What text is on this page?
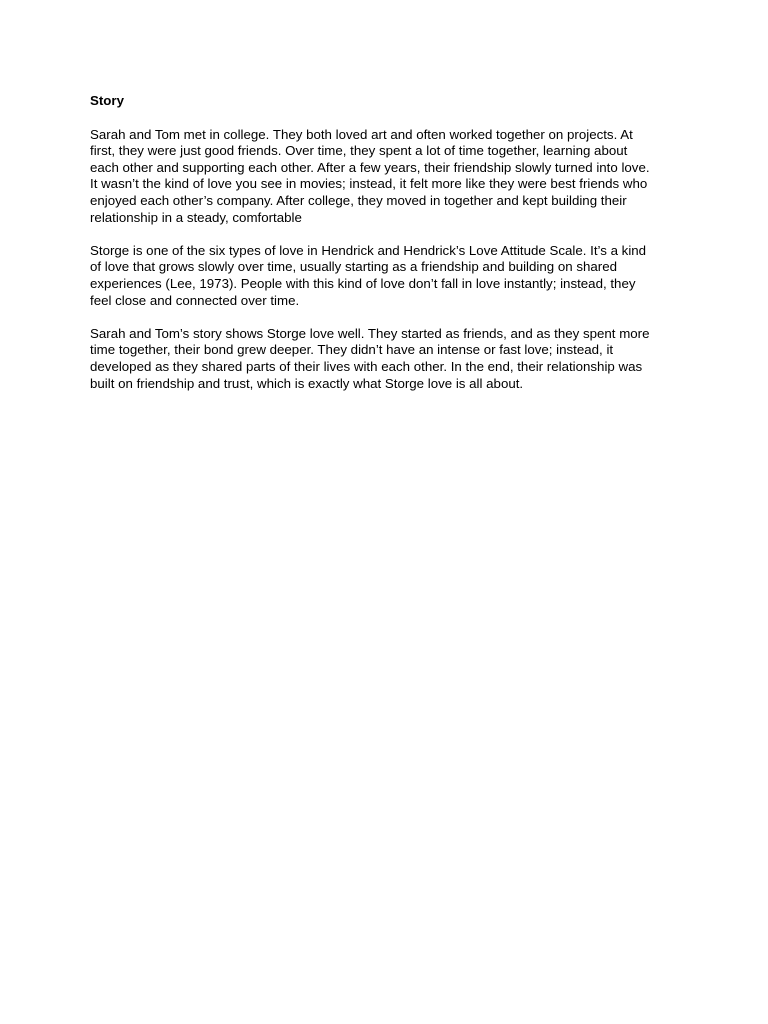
Story
Sarah and Tom met in college. They both loved art and often worked together on projects. At
first, they were just good friends. Over time, they spent a lot of time together, learning about
each other and supporting each other. After a few years, their friendship slowly turned into love.
It wasn’t the kind of love you see in movies; instead, it felt more like they were best friends who
enjoyed each other’s company. After college, they moved in together and kept building their
relationship in a steady, comfortable
Storge is one of the six types of love in Hendrick and Hendrick’s Love Attitude Scale. It’s a kind
of love that grows slowly over time, usually starting as a friendship and building on shared
experiences (Lee, 1973). People with this kind of love don’t fall in love instantly; instead, they
feel close and connected over time.
Sarah and Tom’s story shows Storge love well. They started as friends, and as they spent more
time together, their bond grew deeper. They didn’t have an intense or fast love; instead, it
developed as they shared parts of their lives with each other. In the end, their relationship was
built on friendship and trust, which is exactly what Storge love is all about.
